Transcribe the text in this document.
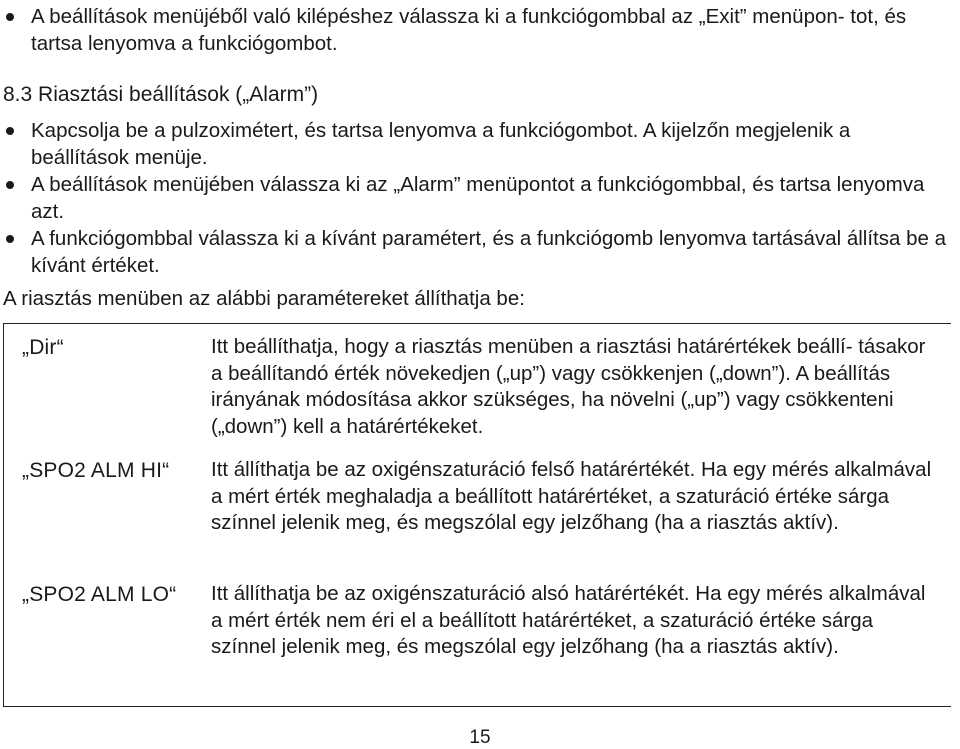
A beállítások menüjéből való kilépéshez válassza ki a funkciógombbal az „Exit” menüpon- tot, és tartsa lenyomva a funkciógombot.
8.3 Riasztási beállítások („Alarm”)
Kapcsolja be a pulzoximétert, és tartsa lenyomva a funkciógombot. A kijelzőn megjelenik a beállítások menüje.
A beállítások menüjében válassza ki az „Alarm” menüpontot a funkciógombbal, és tartsa lenyomva azt.
A funkciógombbal válassza ki a kívánt paramétert, és a funkciógomb lenyomva tartásával állítsa be a kívánt értéket.
A riasztás menüben az alábbi paramétereket állíthatja be:
„Dir“	Itt beállíthatja, hogy a riasztás menüben a riasztási határértékek beállí- tásakor a beállítandó érték növekedjen („up”) vagy csökkenjen („down”). A beállítás irányának módosítása akkor szükséges, ha növelni („up”) vagy csökkenteni („down”) kell a határértékeket.
„SPO2 ALM HI“ Itt állíthatja be az oxigénszaturáció felső határértékét. Ha egy mérés alkalmával a mért érték meghaladja a beállított határértéket, a szaturáció értéke sárga színnel jelenik meg, és megszólal egy jelzőhang (ha a riasztás aktív).
„SPO2 ALM LO“ Itt állíthatja be az oxigénszaturáció alsó határértékét. Ha egy mérés alkalmával a mért érték nem éri el a beállított határértéket, a szaturáció értéke sárga színnel jelenik meg, és megszólal egy jelzőhang (ha a riasztás aktív).
15
